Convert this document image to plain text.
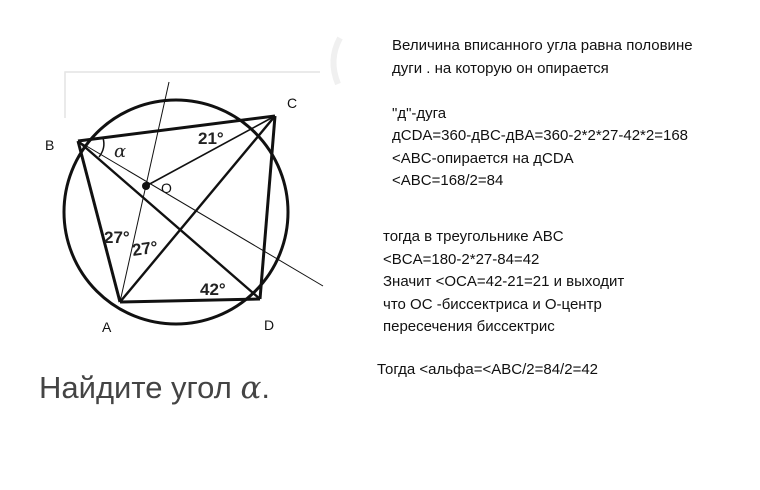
21°
27°
27°
42°
α
B
C
O
A	D
Величина вписанного угла равна половине
дуги . на которую он опирается

"д"-дуга
дCDA=360-дBC-дBA=360-2*2*27-42*2=168
<ABC-опирается на дCDA
<ABC=168/2=84
тогда в треугольнике ABC
<BCA=180-2*27-84=42
Значит <OCA=42-21=21 и выходит
что OC -биссектриса и O-центр
пересечения биссектрис
Тогда <альфа=<ABC/2=84/2=42
Найдите угол α.
